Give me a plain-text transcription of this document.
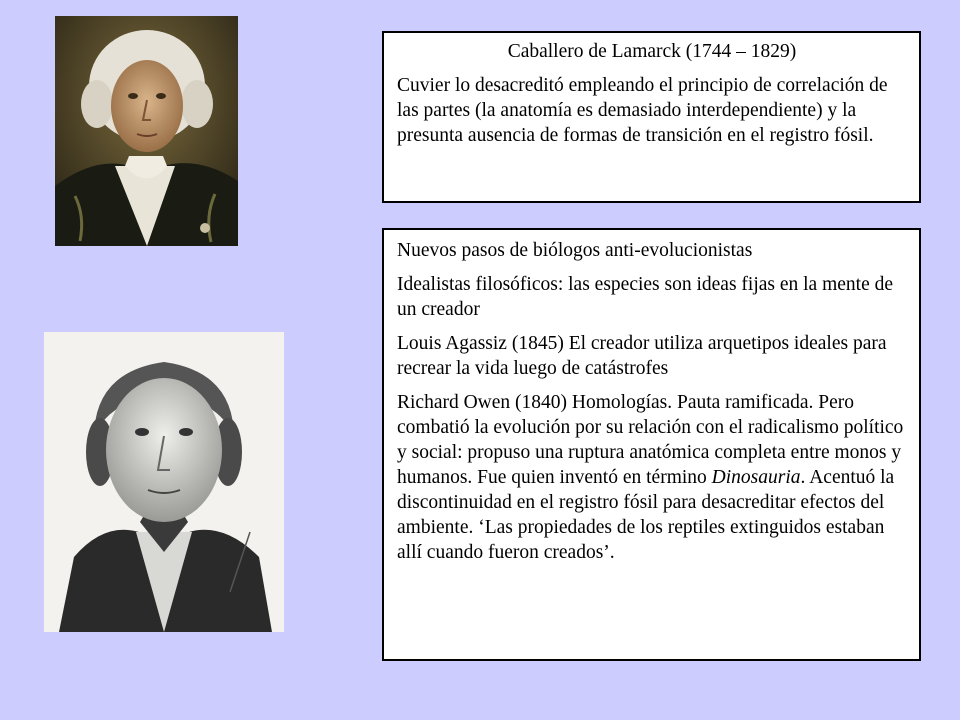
Caballero de Lamarck (1744 – 1829)

Cuvier lo desacreditó empleando el principio de correlación de las partes (la anatomía es demasiado interdependiente) y la presunta ausencia de formas de transición en el registro fósil.

Nuevos pasos de biólogos anti-evolucionistas

Idealistas filosóficos: las especies son ideas fijas en la mente de un creador

Louis Agassiz (1845) El creador utiliza arquetipos ideales para recrear la vida luego de catástrofes

Richard Owen (1840) Homologías. Pauta ramificada. Pero combatió la evolución por su relación con el radicalismo político y social: propuso una ruptura anatómica completa entre monos y humanos. Fue quien inventó en término Dinosauria. Acentuó la discontinuidad en el registro fósil para desacreditar efectos del ambiente. ‘Las propiedades de los reptiles extinguidos estaban allí cuando fueron creados’.
